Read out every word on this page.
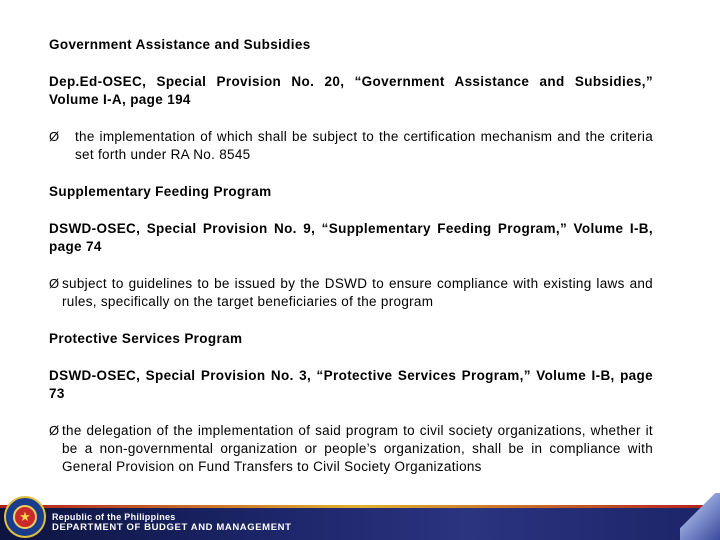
Government Assistance and Subsidies

Dep.Ed-OSEC, Special Provision No. 20, “Government Assistance and Subsidies,” Volume I-A, page 194

Ø the implementation of which shall be subject to the certification mechanism and the criteria set forth under RA No. 8545

Supplementary Feeding Program

DSWD-OSEC, Special Provision No. 9, “Supplementary Feeding Program,” Volume I-B, page 74

Ø subject to guidelines to be issued by the DSWD to ensure compliance with existing laws and rules, specifically on the target beneficiaries of the program

Protective Services Program

DSWD-OSEC, Special Provision No. 3, “Protective Services Program,” Volume I-B, page 73

Ø the delegation of the implementation of said program to civil society organizations, whether it be a non-governmental organization or people’s organization, shall be in compliance with General Provision on Fund Transfers to Civil Society Organizations

★	Republic of the Philippines
DEPARTMENT OF BUDGET AND MANAGEMENT
